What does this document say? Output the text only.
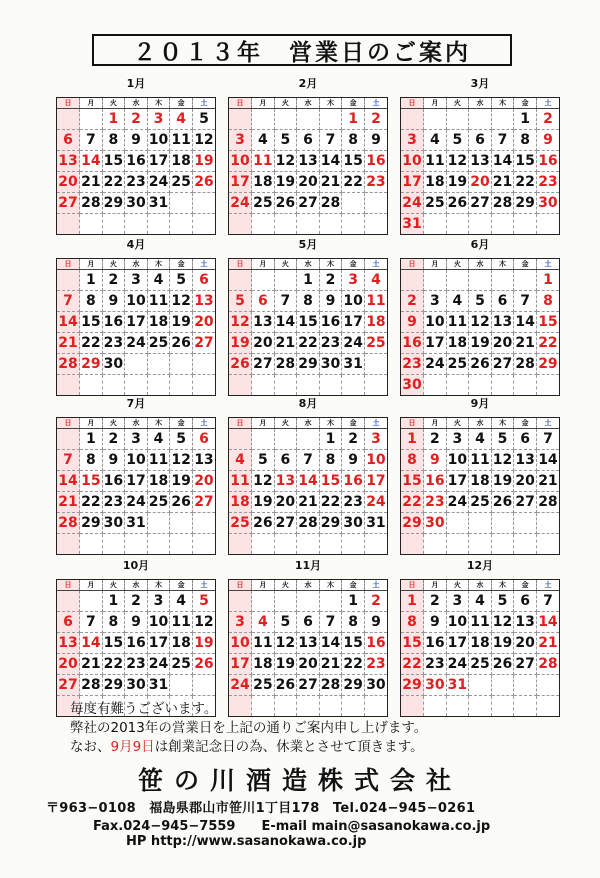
２０１３年　営業日のご案内
1月
日	月	火	水	木	金	土
		1	2	3	4	5
6	7	8	9	10	11	12
13	14	15	16	17	18	19
20	21	22	23	24	25	26
27	28	29	30	31		

2月
日	月	火	水	木	金	土
					1	2
3	4	5	6	7	8	9
10	11	12	13	14	15	16
17	18	19	20	21	22	23
24	25	26	27	28		

3月
日	月	火	水	木	金	土
					1	2
3	4	5	6	7	8	9
10	11	12	13	14	15	16
17	18	19	20	21	22	23
24	25	26	27	28	29	30
31						
4月
日	月	火	水	木	金	土
	1	2	3	4	5	6
7	8	9	10	11	12	13
14	15	16	17	18	19	20
21	22	23	24	25	26	27
28	29	30				

5月
日	月	火	水	木	金	土
			1	2	3	4
5	6	7	8	9	10	11
12	13	14	15	16	17	18
19	20	21	22	23	24	25
26	27	28	29	30	31	

6月
日	月	火	水	木	金	土
						1
2	3	4	5	6	7	8
9	10	11	12	13	14	15
16	17	18	19	20	21	22
23	24	25	26	27	28	29
30						
7月
日	月	火	水	木	金	土
	1	2	3	4	5	6
7	8	9	10	11	12	13
14	15	16	17	18	19	20
21	22	23	24	25	26	27
28	29	30	31			

8月
日	月	火	水	木	金	土
				1	2	3
4	5	6	7	8	9	10
11	12	13	14	15	16	17
18	19	20	21	22	23	24
25	26	27	28	29	30	31

9月
日	月	火	水	木	金	土
1	2	3	4	5	6	7
8	9	10	11	12	13	14
15	16	17	18	19	20	21
22	23	24	25	26	27	28
29	30					

10月
日	月	火	水	木	金	土
		1	2	3	4	5
6	7	8	9	10	11	12
13	14	15	16	17	18	19
20	21	22	23	24	25	26
27	28	29	30	31		

11月
日	月	火	水	木	金	土
					1	2
3	4	5	6	7	8	9
10	11	12	13	14	15	16
17	18	19	20	21	22	23
24	25	26	27	28	29	30

12月
日	月	火	水	木	金	土
1	2	3	4	5	6	7
8	9	10	11	12	13	14
15	16	17	18	19	20	21
22	23	24	25	26	27	28
29	30	31				

毎度有難うございます。
弊社の2013年の営業日を上記の通りご案内申し上げます。
なお、9月9日は創業記念日の為、休業とさせて頂きます。
笹の川酒造株式会社
〒963−0108　福島県郡山市笹川1丁目178　Tel.024−945−0261
Fax.024−945−7559　　E-mail main@sasanokawa.co.jp
HP http://www.sasanokawa.co.jp
